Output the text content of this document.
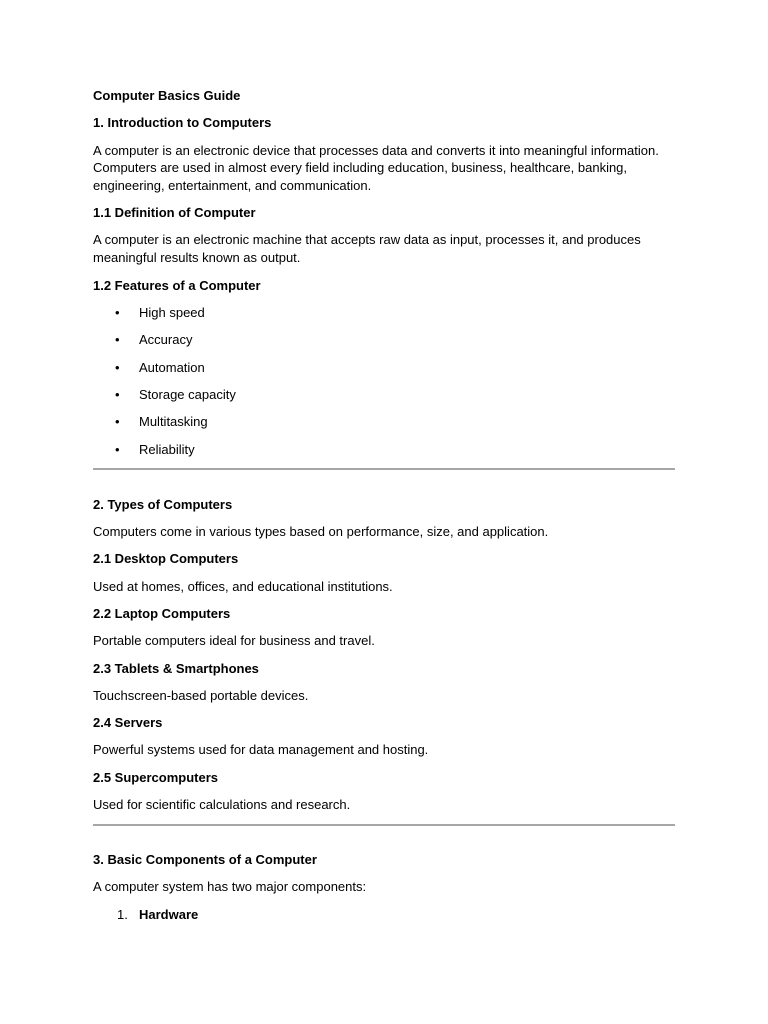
Computer Basics Guide
1. Introduction to Computers
A computer is an electronic device that processes data and converts it into meaningful information.
Computers are used in almost every field including education, business, healthcare, banking,
engineering, entertainment, and communication.
1.1 Definition of Computer
A computer is an electronic machine that accepts raw data as input, processes it, and produces
meaningful results known as output.
1.2 Features of a Computer
• High speed
• Accuracy
• Automation
• Storage capacity
• Multitasking
• Reliability
2. Types of Computers
Computers come in various types based on performance, size, and application.
2.1 Desktop Computers
Used at homes, offices, and educational institutions.
2.2 Laptop Computers
Portable computers ideal for business and travel.
2.3 Tablets & Smartphones
Touchscreen-based portable devices.
2.4 Servers
Powerful systems used for data management and hosting.
2.5 Supercomputers
Used for scientific calculations and research.
3. Basic Components of a Computer
A computer system has two major components:
1. Hardware
